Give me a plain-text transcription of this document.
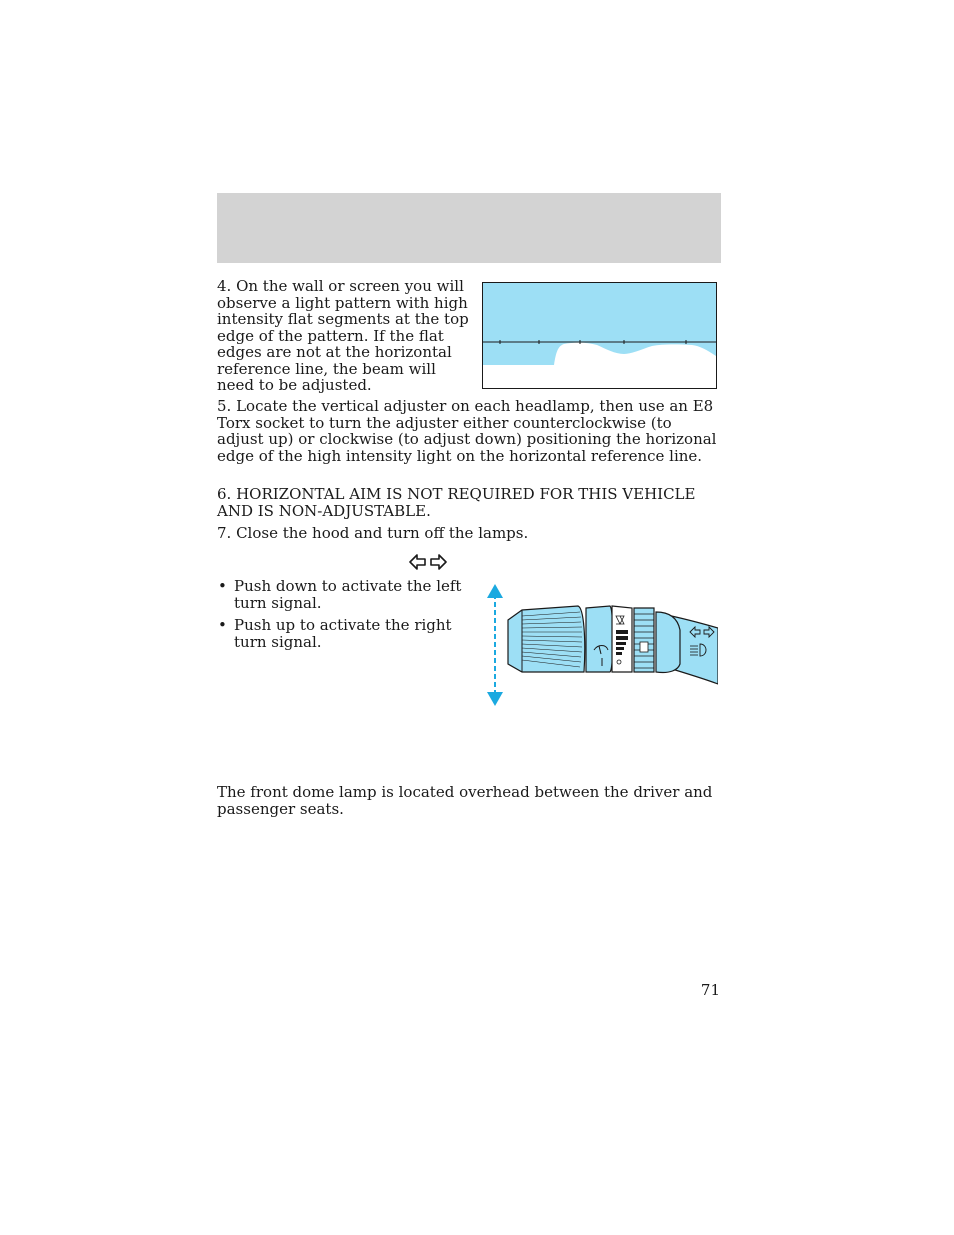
4. On the wall or screen you will observe a light pattern with high intensity flat segments at the top edge of the pattern. If the flat edges are not at the horizontal reference line, the beam will need to be adjusted.

5. Locate the vertical adjuster on each headlamp, then use an E8 Torx socket to turn the adjuster either counterclockwise (to adjust up) or clockwise (to adjust down) positioning the horizonal edge of the high intensity light on the horizontal reference line.

6. HORIZONTAL AIM IS NOT REQUIRED FOR THIS VEHICLE AND IS NON-ADJUSTABLE.

7. Close the hood and turn off the lamps.

• Push down to activate the left turn signal.
• Push up to activate the right turn signal.

The front dome lamp is located overhead between the driver and passenger seats.

71
